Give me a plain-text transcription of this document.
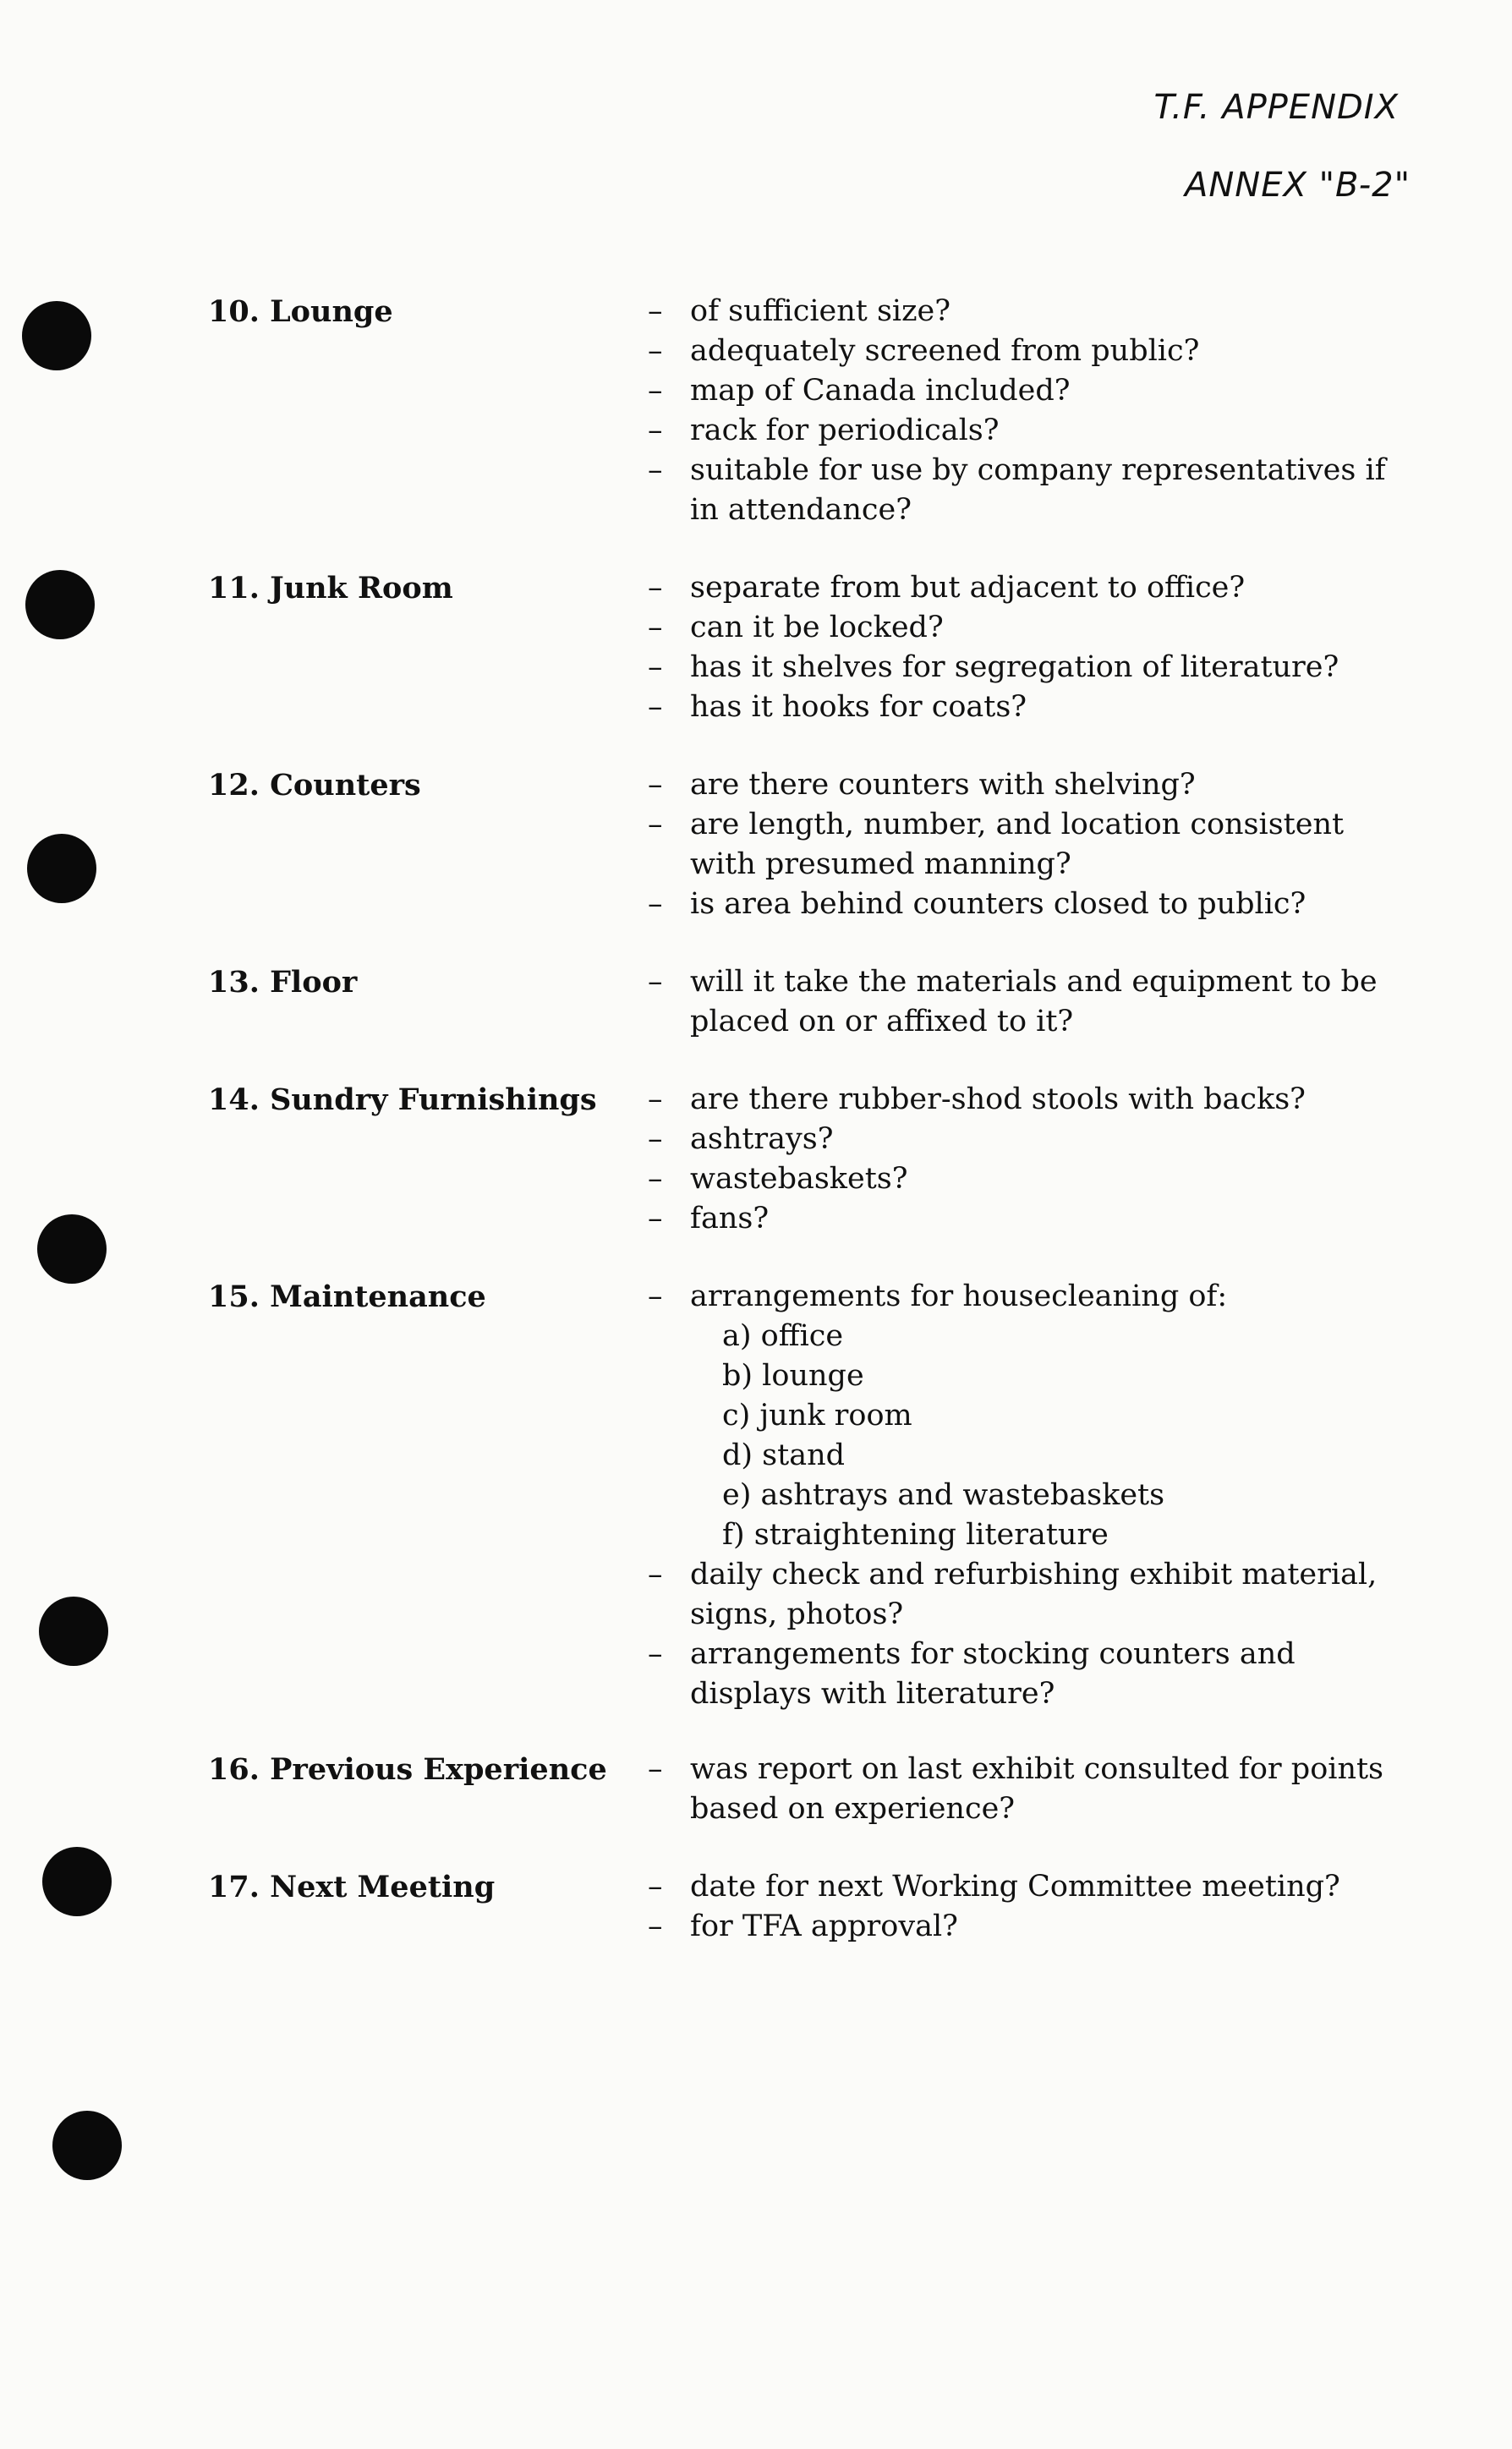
T.F. APPENDIX
ANNEX "B-2"
10. Lounge	– of sufficient size?
– adequately screened from public?
– map of Canada included?
– rack for periodicals?
– suitable for use by company representatives if in attendance?
11. Junk Room	– separate from but adjacent to office?
– can it be locked?
– has it shelves for segregation of literature?
– has it hooks for coats?
12. Counters	– are there counters with shelving?
– are length, number, and location consistent with presumed manning?
– is area behind counters closed to public?
13. Floor	– will it take the materials and equipment to be placed on or affixed to it?
14. Sundry Furnishings	– are there rubber-shod stools with backs?
– ashtrays?
– wastebaskets?
– fans?
15. Maintenance	– arrangements for housecleaning of:
a) office
b) lounge
c) junk room
d) stand
e) ashtrays and wastebaskets
f) straightening literature
– daily check and refurbishing exhibit material, signs, photos?
– arrangements for stocking counters and displays with literature?
16. Previous Experience	– was report on last exhibit consulted for points based on experience?
17. Next Meeting	– date for next Working Committee meeting?
– for TFA approval?
